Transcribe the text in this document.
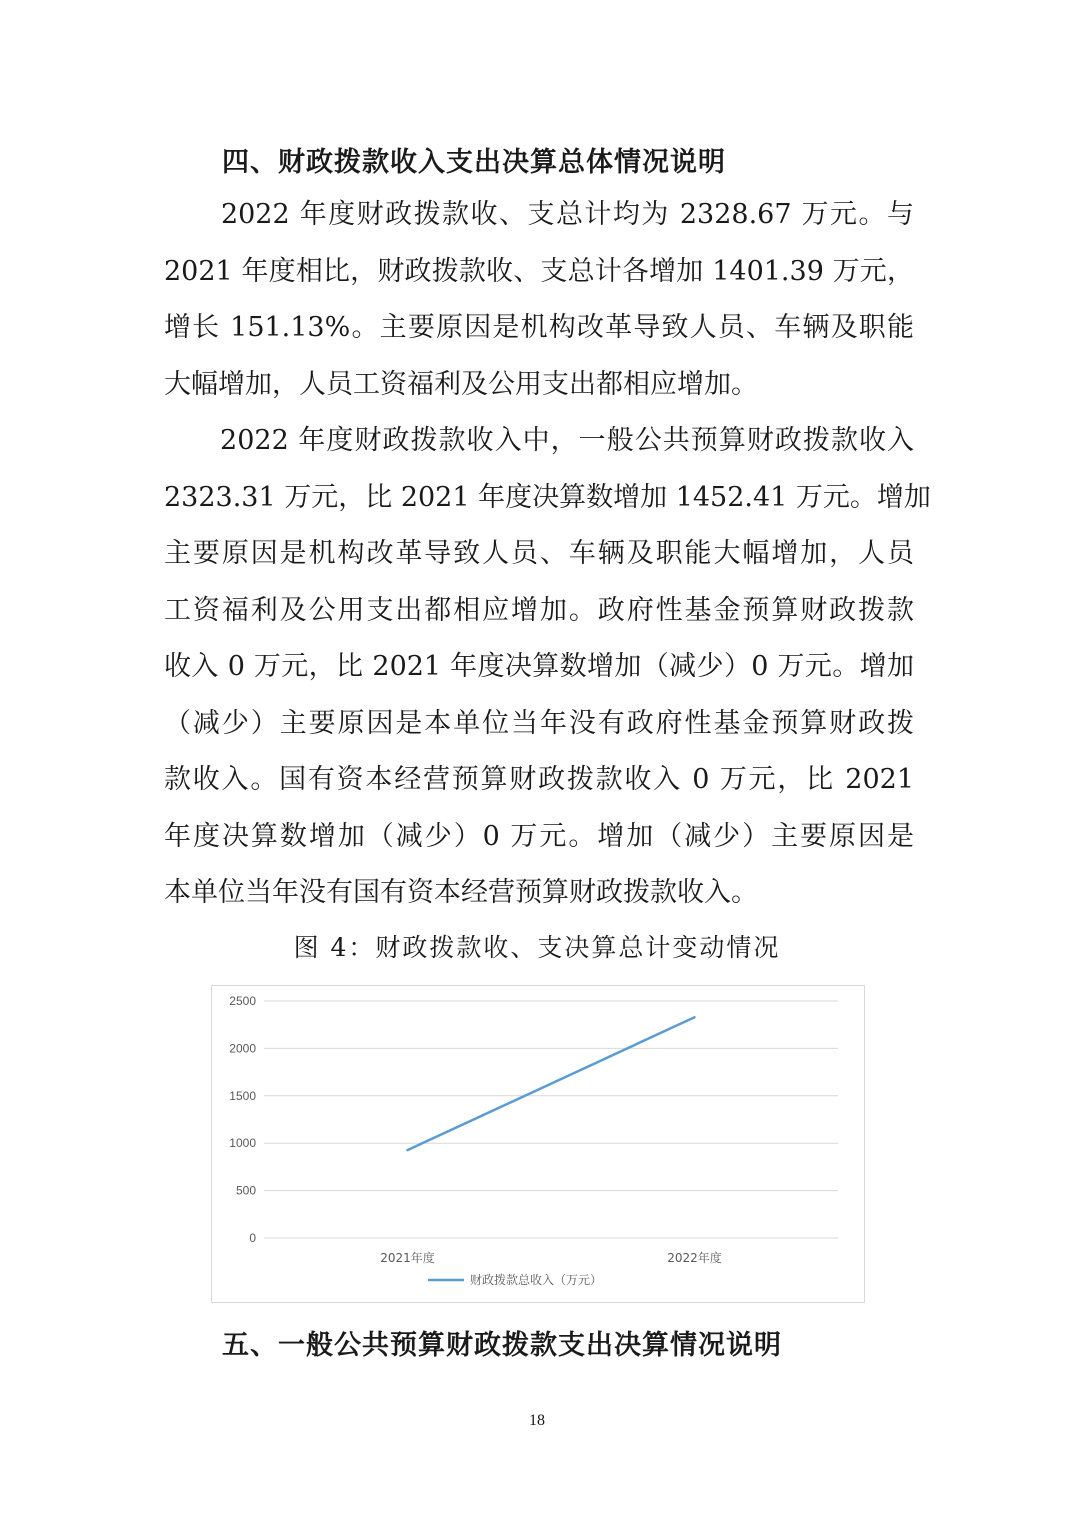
四、财政拨款收入支出决算总体情况说明
　　2022 年度财政拨款收、支总计均为 2328.67 万元。与
2021 年度相比，财政拨款收、支总计各增加 1401.39 万元，
增长 151.13%。主要原因是机构改革导致人员、车辆及职能
大幅增加，人员工资福利及公用支出都相应增加。
　　2022 年度财政拨款收入中，一般公共预算财政拨款收入
2323.31 万元，比 2021 年度决算数增加 1452.41 万元。增加
主要原因是机构改革导致人员、车辆及职能大幅增加，人员
工资福利及公用支出都相应增加。政府性基金预算财政拨款
收入 0 万元，比 2021 年度决算数增加（减少）0 万元。增加
（减少）主要原因是本单位当年没有政府性基金预算财政拨
款收入。国有资本经营预算财政拨款收入 0 万元，比 2021
年度决算数增加（减少）0 万元。增加（减少）主要原因是
本单位当年没有国有资本经营预算财政拨款收入。
图 4：财政拨款收、支决算总计变动情况
0
500
1000
1500
2000
2500
2021年度	2022年度
财政拨款总收入（万元）
五、一般公共预算财政拨款支出决算情况说明
18
